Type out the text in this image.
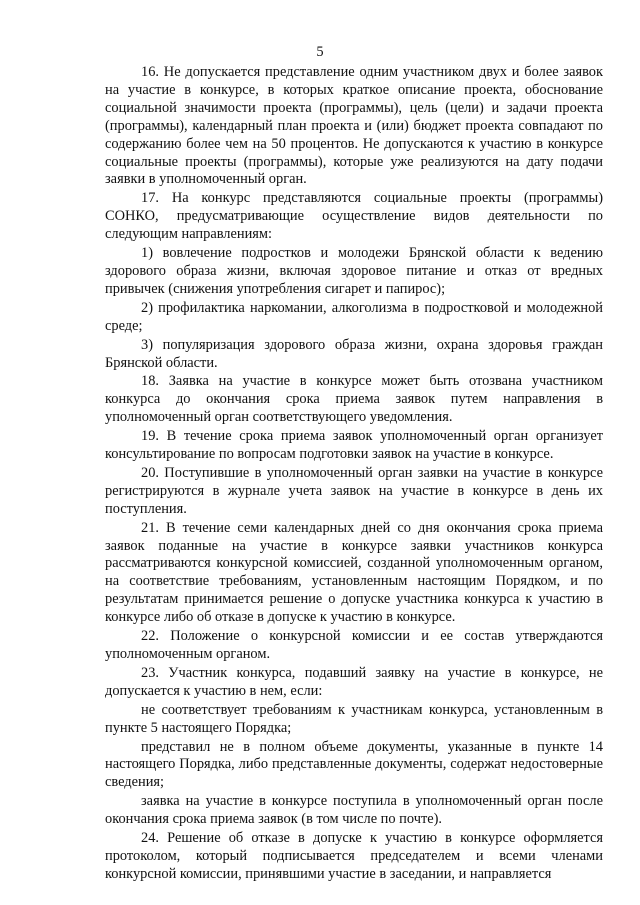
5

16. Не допускается представление одним участником двух и более заявок на участие в конкурсе, в которых краткое описание проекта, обоснование социальной значимости проекта (программы), цель (цели) и задачи проекта (программы), календарный план проекта и (или) бюджет проекта совпадают по содержанию более чем на 50 процентов. Не допускаются к участию в конкурсе социальные проекты (программы), которые уже реализуются на дату подачи заявки в уполномоченный орган.

17. На конкурс представляются социальные проекты (программы) СОНКО, предусматривающие осуществление видов деятельности по следующим направлениям:

1) вовлечение подростков и молодежи Брянской области к ведению здорового образа жизни, включая здоровое питание и отказ от вредных привычек (снижения употребления сигарет и папирос);

2) профилактика наркомании, алкоголизма в подростковой и молодежной среде;

3) популяризация здорового образа жизни, охрана здоровья граждан Брянской области.

18. Заявка на участие в конкурсе может быть отозвана участником конкурса до окончания срока приема заявок путем направления в уполномоченный орган соответствующего уведомления.

19. В течение срока приема заявок уполномоченный орган организует консультирование по вопросам подготовки заявок на участие в конкурсе.

20. Поступившие в уполномоченный орган заявки на участие в конкурсе регистрируются в журнале учета заявок на участие в конкурсе в день их поступления.

21. В течение семи календарных дней со дня окончания срока приема заявок поданные на участие в конкурсе заявки участников конкурса рассматриваются конкурсной комиссией, созданной уполномоченным органом, на соответствие требованиям, установленным настоящим Порядком, и по результатам принимается решение о допуске участника конкурса к участию в конкурсе либо об отказе в допуске к участию в конкурсе.

22. Положение о конкурсной комиссии и ее состав утверждаются уполномоченным органом.

23. Участник конкурса, подавший заявку на участие в конкурсе, не допускается к участию в нем, если:

не соответствует требованиям к участникам конкурса, установленным в пункте 5 настоящего Порядка;

представил не в полном объеме документы, указанные в пункте 14 настоящего Порядка, либо представленные документы, содержат недостоверные сведения;

заявка на участие в конкурсе поступила в уполномоченный орган после окончания срока приема заявок (в том числе по почте).

24. Решение об отказе в допуске к участию в конкурсе оформляется протоколом, который подписывается председателем и всеми членами конкурсной комиссии, принявшими участие в заседании, и направляется
